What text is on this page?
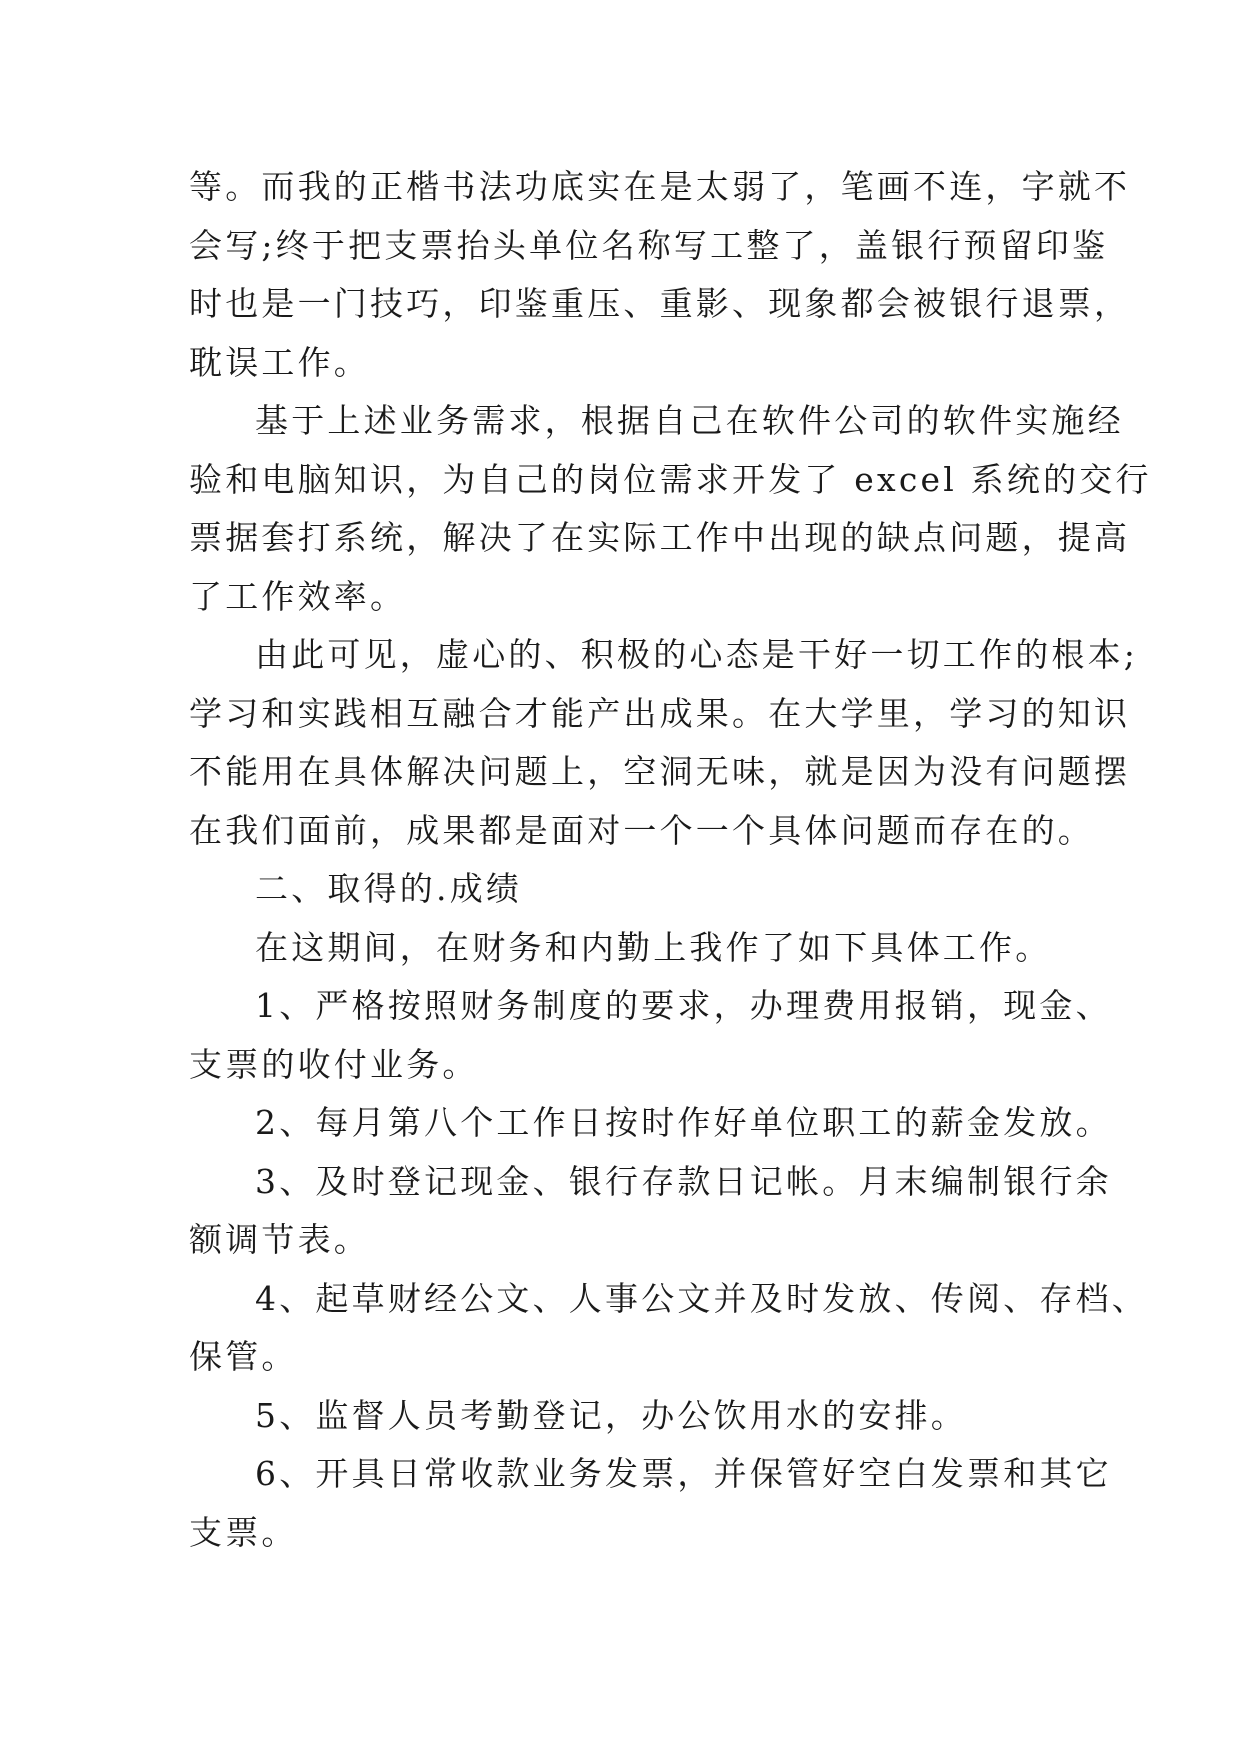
等。而我的正楷书法功底实在是太弱了，笔画不连，字就不
会写;终于把支票抬头单位名称写工整了，盖银行预留印鉴
时也是一门技巧，印鉴重压、重影、现象都会被银行退票，
耽误工作。
基于上述业务需求，根据自己在软件公司的软件实施经
验和电脑知识，为自己的岗位需求开发了 excel 系统的交行
票据套打系统，解决了在实际工作中出现的缺点问题，提高
了工作效率。
由此可见，虚心的、积极的心态是干好一切工作的根本;
学习和实践相互融合才能产出成果。在大学里，学习的知识
不能用在具体解决问题上，空洞无味，就是因为没有问题摆
在我们面前，成果都是面对一个一个具体问题而存在的。
二、取得的.成绩
在这期间，在财务和内勤上我作了如下具体工作。
1、严格按照财务制度的要求，办理费用报销，现金、
支票的收付业务。
2、每月第八个工作日按时作好单位职工的薪金发放。
3、及时登记现金、银行存款日记帐。月末编制银行余
额调节表。
4、起草财经公文、人事公文并及时发放、传阅、存档、
保管。
5、监督人员考勤登记，办公饮用水的安排。
6、开具日常收款业务发票，并保管好空白发票和其它
支票。
